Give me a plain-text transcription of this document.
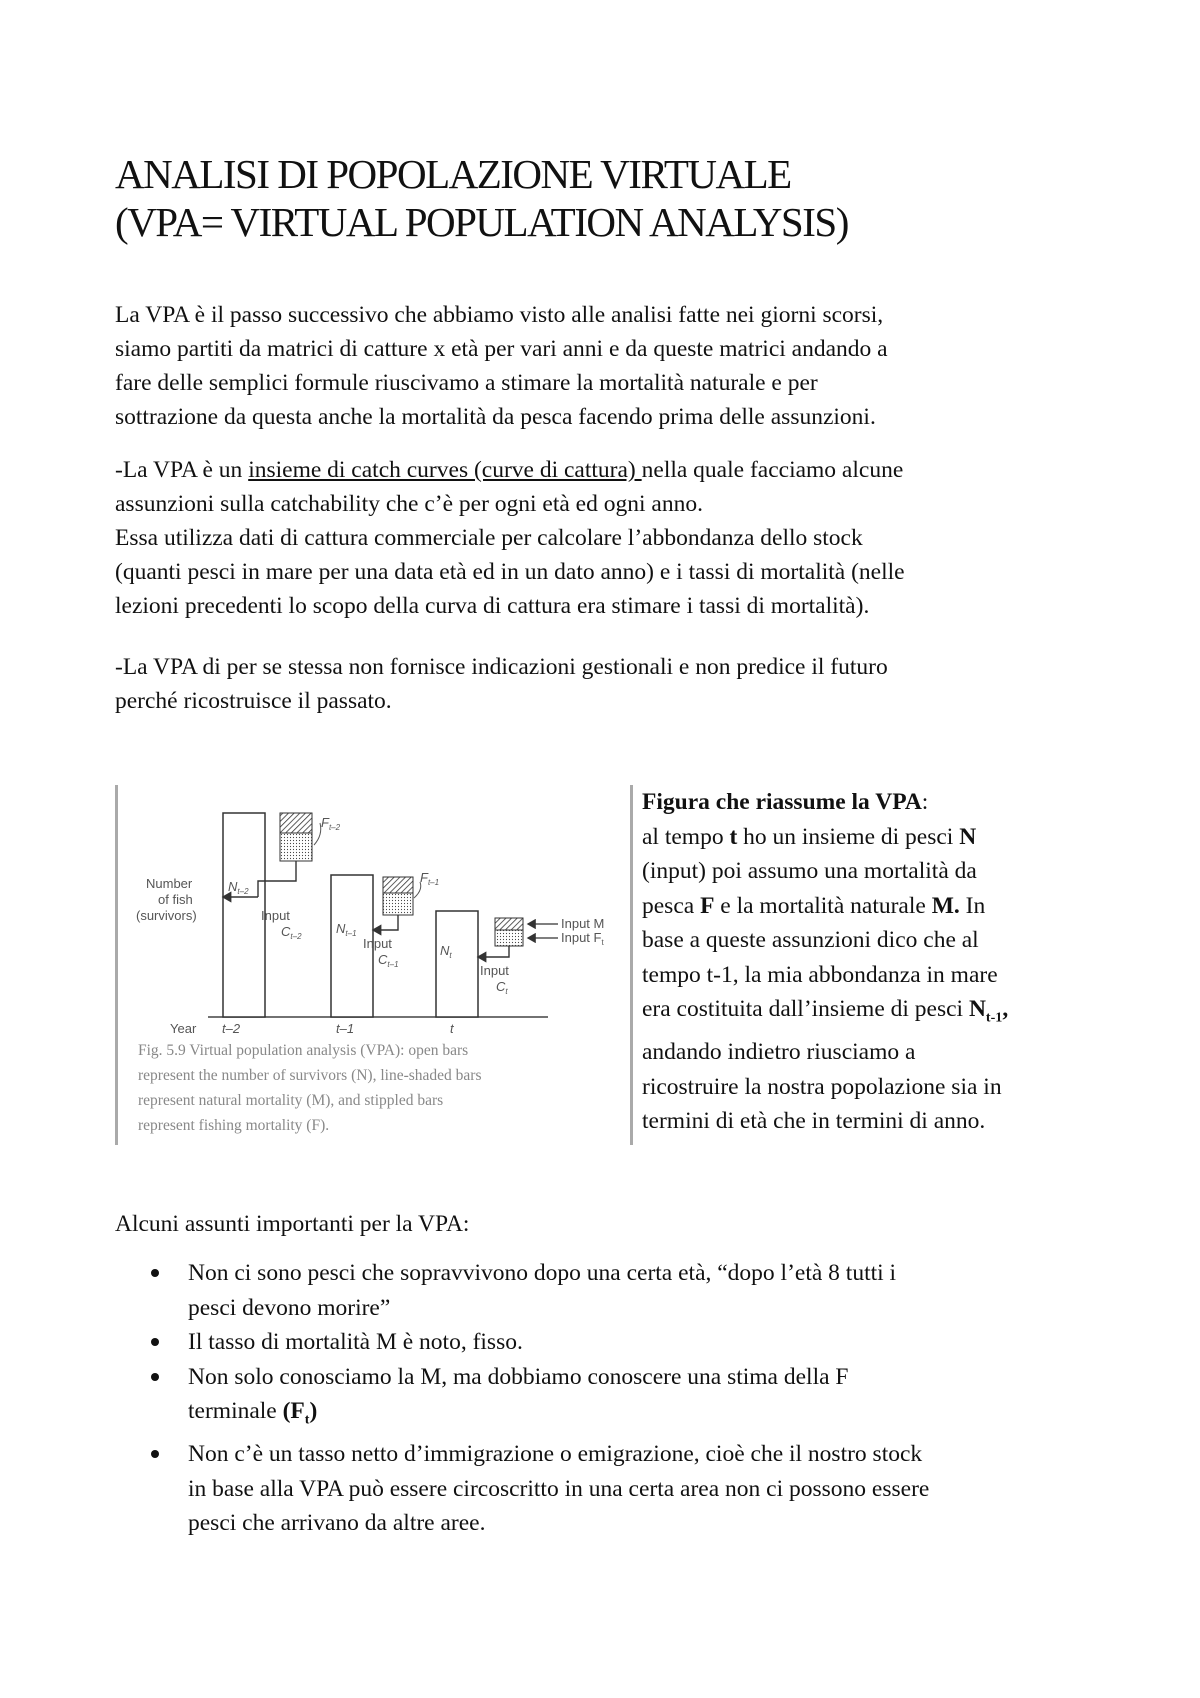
ANALISI DI POPOLAZIONE VIRTUALE
(VPA= VIRTUAL POPULATION ANALYSIS)

La VPA è il passo successivo che abbiamo visto alle analisi fatte nei giorni scorsi,
siamo partiti da matrici di catture x età per vari anni e da queste matrici andando a
fare delle semplici formule riuscivamo a stimare la mortalità naturale e per
sottrazione da questa anche la mortalità da pesca facendo prima delle assunzioni.

-La VPA è un insieme di catch curves (curve di cattura) nella quale facciamo alcune
assunzioni sulla catchability che c’è per ogni età ed ogni anno.
Essa utilizza dati di cattura commerciale per calcolare l’abbondanza dello stock
(quanti pesci in mare per una data età ed in un dato anno) e i tassi di mortalità (nelle
lezioni precedenti lo scopo della curva di cattura era stimare i tassi di mortalità).

-La VPA di per se stessa non fornisce indicazioni gestionali e non predice il futuro
perché ricostruisce il passato.

Number
of fish
(survivors)
Year t–2	t–1	t
$N_{t-2}$
$N_{t-1}$
$N_t$
$F_{t-2}$
$F_{t-1}$
Input
$C_{t-2}$	Input
$C_{t-1}$	Input
$C_t$
Input M
Input $F_t$
Fig. 5.9 Virtual population analysis (VPA): open bars
represent the number of survivors (N), line-shaded bars
represent natural mortality (M), and stippled bars
represent fishing mortality (F).
Figura che riassume la VPA:
al tempo t ho un insieme di pesci N
(input) poi assumo una mortalità da
pesca F e la mortalità naturale M. In
base a queste assunzioni dico che al
tempo t-1, la mia abbondanza in mare
era costituita dall’insieme di pesci $N_{t-1}$,
andando indietro riusciamo a
ricostruire la nostra popolazione sia in
termini di età che in termini di anno.
Alcuni assunti importanti per la VPA:
Non ci sono pesci che sopravvivono dopo una certa età, “dopo l’età 8 tutti i
pesci devono morire”
Il tasso di mortalità M è noto, fisso.
Non solo conosciamo la M, ma dobbiamo conoscere una stima della F
terminale $(F_t)$
Non c’è un tasso netto d’immigrazione o emigrazione, cioè che il nostro stock
in base alla VPA può essere circoscritto in una certa area non ci possono essere
pesci che arrivano da altre aree.
